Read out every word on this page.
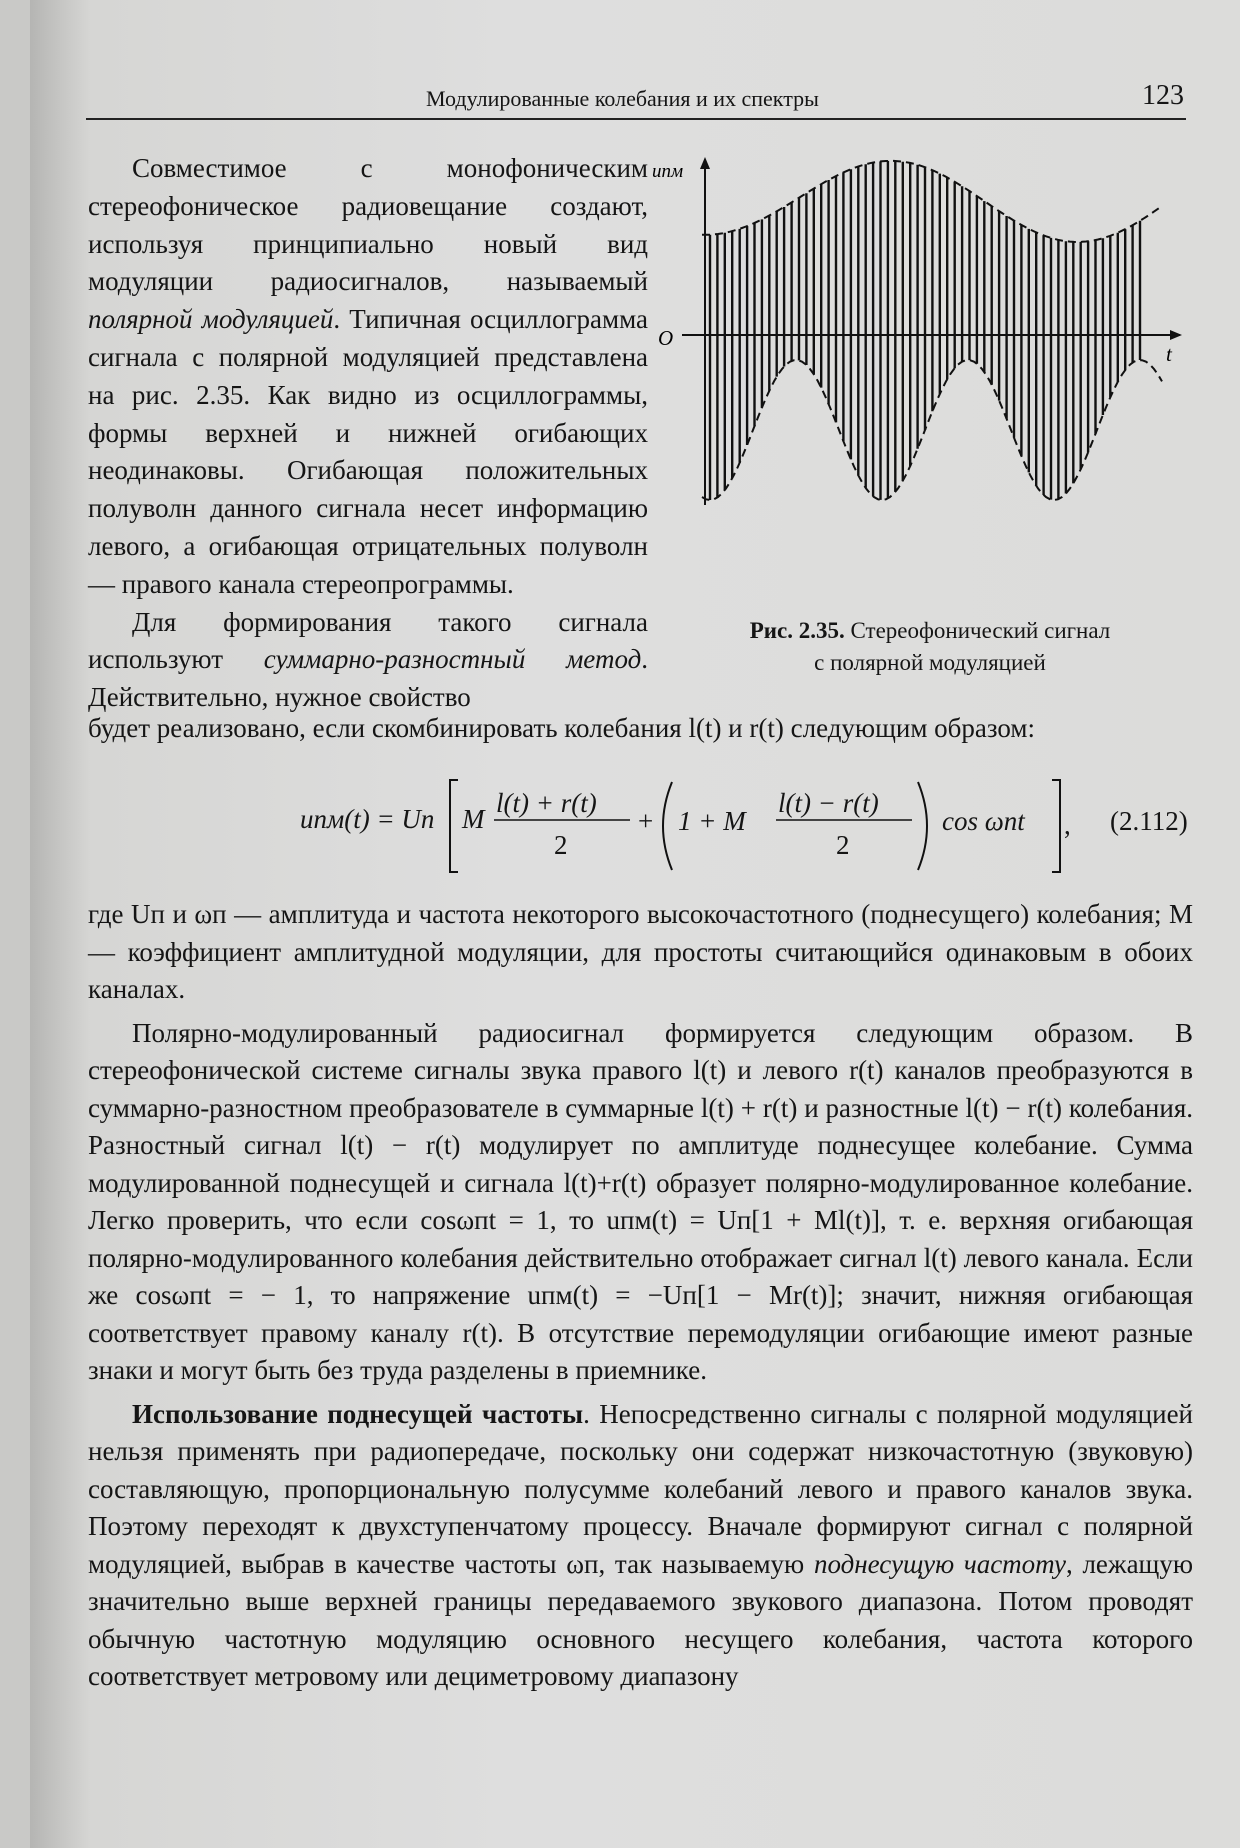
Модулированные колебания и их спектры	123

Совместимое с монофоническим стереофоническое радиовещание создают, используя принципиально новый вид модуляции радиосигналов, называемый полярной модуляцией. Типичная осциллограмма сигнала с полярной модуляцией представлена на рис. 2.35. Как видно из осциллограммы, формы верхней и нижней огибающих неодинаковы. Огибающая положительных полуволн данного сигнала несет информацию левого, а огибающая отрицательных полуволн — правого канала стереопрограммы.

Для формирования такого сигнала используют суммарно-разностный метод. Действительно, нужное свойство

uпм
t
O
Рис. 2.35. Стереофонический сигнал
с полярной модуляцией

будет реализовано, если скомбинировать колебания l(t) и r(t) следующим образом:

uпм(t) = Uп M
l(t) + r(t)
2
+ 1 + M
l(t) − r(t)
2
cos ωпt , (2.112)

где Uп и ωп — амплитуда и частота некоторого высокочастотного (поднесущего) колебания; M — коэффициент амплитудной модуляции, для простоты считающийся одинаковым в обоих каналах.

Полярно-модулированный радиосигнал формируется следующим образом. В стереофонической системе сигналы звука правого l(t) и левого r(t) каналов преобразуются в суммарно-разностном преобразователе в суммарные l(t) + r(t) и разностные l(t) − r(t) колебания. Разностный сигнал l(t) − r(t) модулирует по амплитуде поднесущее колебание. Сумма модулированной поднесущей и сигнала l(t)+r(t) образует полярно-модулированное колебание. Легко проверить, что если cosωпt = 1, то uпм(t) = Uп[1 + Ml(t)], т. е. верхняя огибающая полярно-модулированного колебания действительно отображает сигнал l(t) левого канала. Если же cosωпt = − 1, то напряжение uпм(t) = −Uп[1 − Mr(t)]; значит, нижняя огибающая соответствует правому каналу r(t). В отсутствие перемодуляции огибающие имеют разные знаки и могут быть без труда разделены в приемнике.

Использование поднесущей частоты. Непосредственно сигналы с полярной модуляцией нельзя применять при радиопередаче, поскольку они содержат низкочастотную (звуковую) составляющую, пропорциональную полусумме колебаний левого и правого каналов звука. Поэтому переходят к двухступенчатому процессу. Вначале формируют сигнал с полярной модуляцией, выбрав в качестве частоты ωп, так называемую поднесущую частоту, лежащую значительно выше верхней границы передаваемого звукового диапазона. Потом проводят обычную частотную модуляцию основного несущего колебания, частота которого соответствует метровому или дециметровому диапазону
